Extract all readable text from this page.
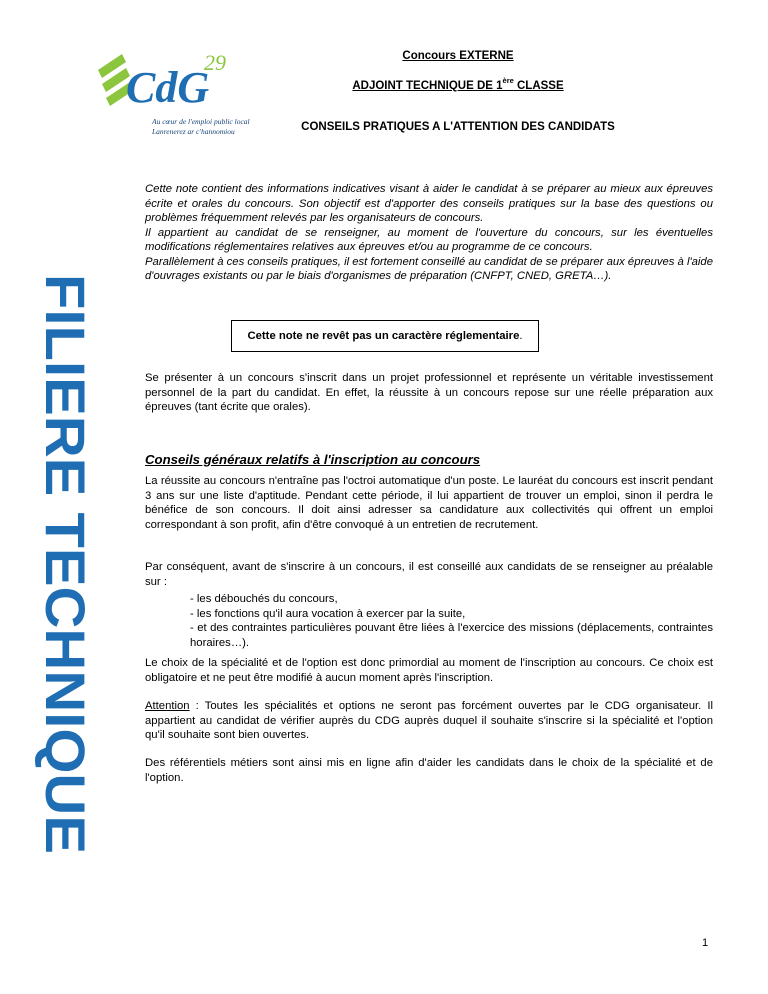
CdG
29
Au cœur de l'emploi public local
Lanrenerez ar c'hannomiou
Concours EXTERNE
ADJOINT TECHNIQUE DE 1ère CLASSE
CONSEILS PRATIQUES A L'ATTENTION DES CANDIDATS
FILIERE TECHNIQUE

Cette note contient des informations indicatives visant à aider le candidat à se préparer au mieux aux épreuves écrite et orales du concours. Son objectif est d'apporter des conseils pratiques sur la base des questions ou problèmes fréquemment relevés par les organisateurs de concours.

Il appartient au candidat de se renseigner, au moment de l'ouverture du concours, sur les éventuelles modifications réglementaires relatives aux épreuves et/ou au programme de ce concours.

Parallèlement à ces conseils pratiques, il est fortement conseillé au candidat de se préparer aux épreuves à l'aide d'ouvrages existants ou par le biais d'organismes de préparation (CNFPT, CNED, GRETA…).

Cette note ne revêt pas un caractère réglementaire.

Se présenter à un concours s'inscrit dans un projet professionnel et représente un véritable investissement personnel de la part du candidat. En effet, la réussite à un concours repose sur une réelle préparation aux épreuves (tant écrite que orales).

Conseils généraux relatifs à l'inscription au concours

La réussite au concours n'entraîne pas l'octroi automatique d'un poste. Le lauréat du concours est inscrit pendant 3 ans sur une liste d'aptitude. Pendant cette période, il lui appartient de trouver un emploi, sinon il perdra le bénéfice de son concours. Il doit ainsi adresser sa candidature aux collectivités qui offrent un emploi correspondant à son profit, afin d'être convoqué à un entretien de recrutement.

Par conséquent, avant de s'inscrire à un concours, il est conseillé aux candidats de se renseigner au préalable sur :

- les débouchés du concours,
- les fonctions qu'il aura vocation à exercer par la suite,
- et des contraintes particulières pouvant être liées à l'exercice des missions (déplacements, contraintes horaires…).

Le choix de la spécialité et de l'option est donc primordial au moment de l'inscription au concours. Ce choix est obligatoire et ne peut être modifié à aucun moment après l'inscription.

Attention : Toutes les spécialités et options ne seront pas forcément ouvertes par le CDG organisateur. Il appartient au candidat de vérifier auprès du CDG auprès duquel il souhaite s'inscrire si la spécialité et l'option qu'il souhaite sont bien ouvertes.

Des référentiels métiers sont ainsi mis en ligne afin d'aider les candidats dans le choix de la spécialité et de l'option.

1
